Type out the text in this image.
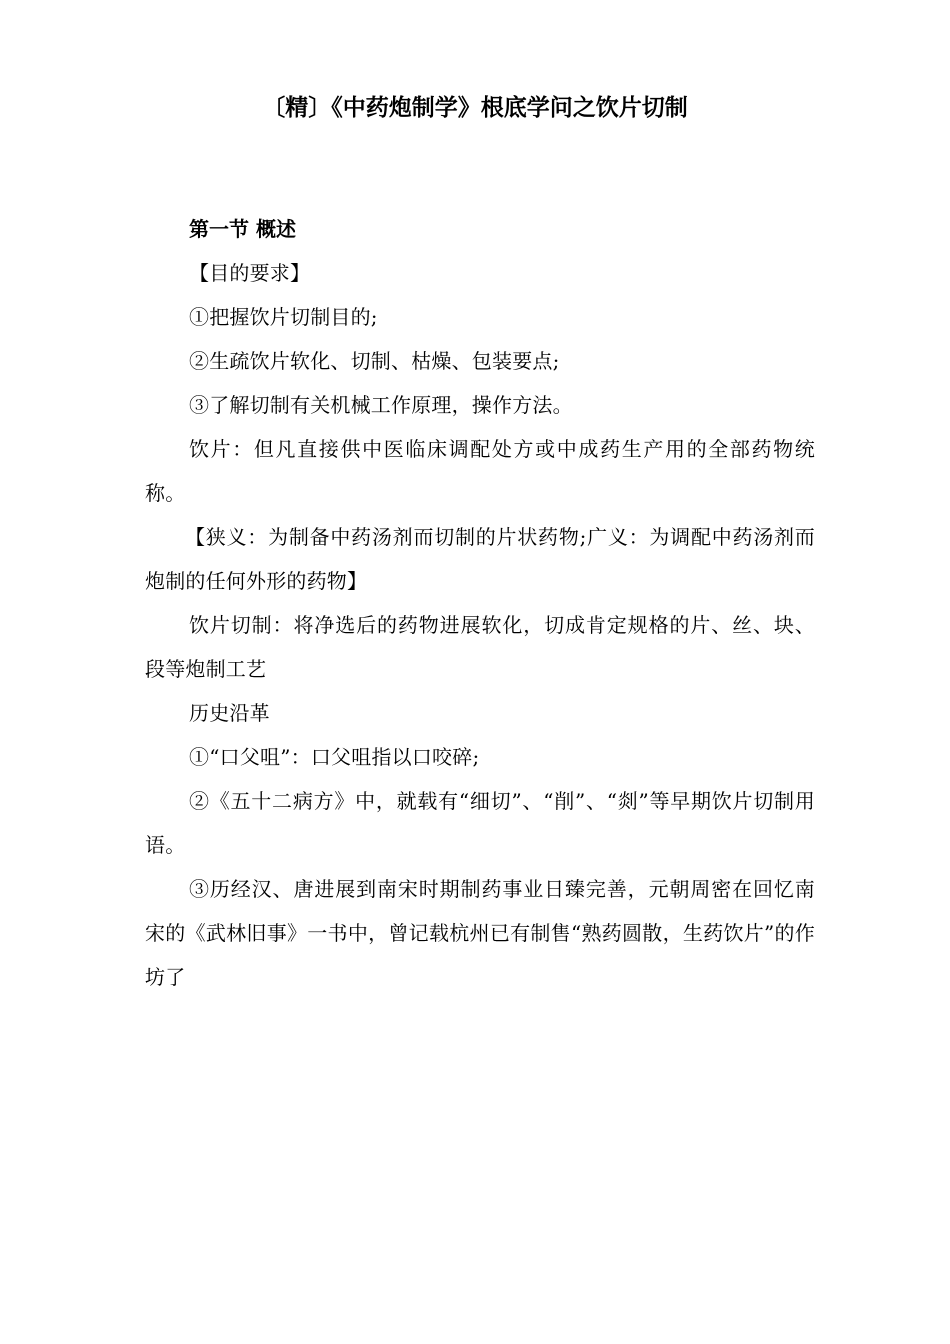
〔精〕《中药炮制学》根底学问之饮片切制

第一节 概述

【目的要求】

①把握饮片切制目的;

②生疏饮片软化、切制、枯燥、包装要点;

③了解切制有关机械工作原理，操作方法。

饮片：但凡直接供中医临床调配处方或中成药生产用的全部药物统称。

【狭义：为制备中药汤剂而切制的片状药物;广义：为调配中药汤剂而炮制的任何外形的药物】

饮片切制：将净选后的药物进展软化，切成肯定规格的片、丝、块、段等炮制工艺

历史沿革

①“口父咀”：口父咀指以口咬碎;

②《五十二病方》中，就载有“细切”、“削”、“剡”等早期饮片切制用语。

③历经汉、唐进展到南宋时期制药事业日臻完善，元朝周密在回忆南宋的《武林旧事》一书中，曾记载杭州已有制售“熟药圆散，生药饮片”的作坊了
